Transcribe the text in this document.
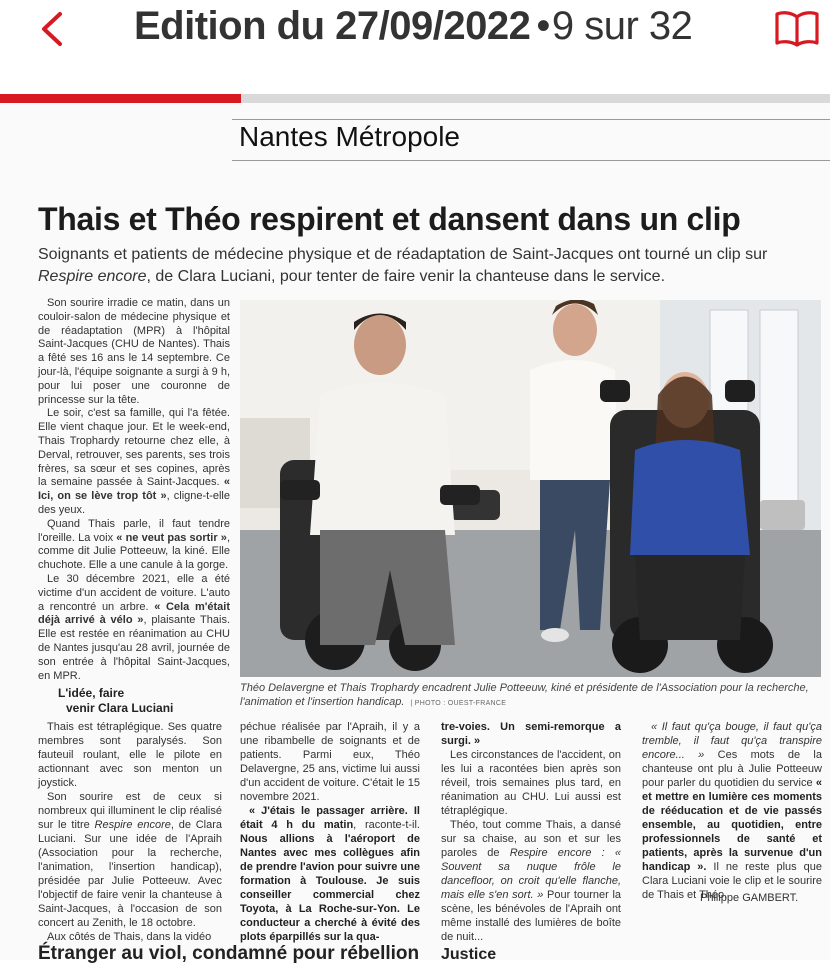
Edition du 27/09/2022 •9 sur 32
Nantes Métropole
Thais et Théo respirent et dansent dans un clip
Soignants et patients de médecine physique et de réadaptation de Saint-Jacques ont tourné un clip sur Respire encore, de Clara Luciani, pour tenter de faire venir la chanteuse dans le service.

Son sourire irradie ce matin, dans un couloir-salon de médecine physique et de réadaptation (MPR) à l'hôpital Saint-Jacques (CHU de Nantes). Thais a fêté ses 16 ans le 14 septembre. Ce jour-là, l'équipe soignante a surgi à 9 h, pour lui poser une couronne de princesse sur la tête.

Le soir, c'est sa famille, qui l'a fêtée. Elle vient chaque jour. Et le week-end, Thais Trophardy retourne chez elle, à Derval, retrouver, ses parents, ses trois frères, sa sœur et ses copines, après la semaine passée à Saint-Jacques. « Ici, on se lève trop tôt », cligne-t-elle des yeux.

Quand Thais parle, il faut tendre l'oreille. La voix « ne veut pas sortir », comme dit Julie Potteeuw, la kiné. Elle chuchote. Elle a une canule à la gorge.

Le 30 décembre 2021, elle a été victime d'un accident de voiture. L'auto a rencontré un arbre. « Cela m'était déjà arrivé à vélo », plaisante Thais. Elle est restée en réanimation au CHU de Nantes jusqu'au 28 avril, journée de son entrée à l'hôpital Saint-Jacques, en MPR.

L'idée, faire
venir Clara Luciani
Théo Delavergne et Thais Trophardy encadrent Julie Potteeuw, kiné et présidente de l'Association pour la recherche, l'animation et l'insertion handicap. | PHOTO : OUEST-FRANCE

Thais est tétraplégique. Ses quatre membres sont paralysés. Son fauteuil roulant, elle le pilote en actionnant avec son menton un joystick.

Son sourire est de ceux si nombreux qui illuminent le clip réalisé sur le titre Respire encore, de Clara Luciani. Sur une idée de l'Apraih (Association pour la recherche, l'animation, l'insertion handicap), présidée par Julie Potteeuw. Avec l'objectif de faire venir la chanteuse à Saint-Jacques, à l'occasion de son concert au Zenith, le 18 octobre.

Aux côtés de Thais, dans la vidéo

péchue réalisée par l'Apraih, il y a une ribambelle de soignants et de patients. Parmi eux, Théo Delavergne, 25 ans, victime lui aussi d'un accident de voiture. C'était le 15 novembre 2021.

« J'étais le passager arrière. Il était 4 h du matin, raconte-t-il. Nous allions à l'aéroport de Nantes avec mes collègues afin de prendre l'avion pour suivre une formation à Toulouse. Je suis conseiller commercial chez Toyota, à La Roche-sur-Yon. Le conducteur a cherché à évité des plots éparpillés sur la qua-

tre-voies. Un semi-remorque a surgi. »

Les circonstances de l'accident, on les lui a racontées bien après son réveil, trois semaines plus tard, en réanimation au CHU. Lui aussi est tétraplégique.

Théo, tout comme Thais, a dansé sur sa chaise, au son et sur les paroles de Respire encore : « Souvent sa nuque frôle le dancefloor, on croit qu'elle flanche, mais elle s'en sort. » Pour tourner la scène, les bénévoles de l'Apraih ont même installé des lumières de boîte de nuit...

« Il faut qu'ça bouge, il faut qu'ça tremble, il faut qu'ça transpire encore... » Ces mots de la chanteuse ont plu à Julie Potteeuw pour parler du quotidien du service « et mettre en lumière ces moments de rééducation et de vie passés ensemble, au quotidien, entre professionnels de santé et patients, après la survenue d'un handicap ». Il ne reste plus que Clara Luciani voie le clip et le sourire de Thais et Théo.

Philippe GAMBERT.
Étranger au viol, condamné pour rébellion Justice
